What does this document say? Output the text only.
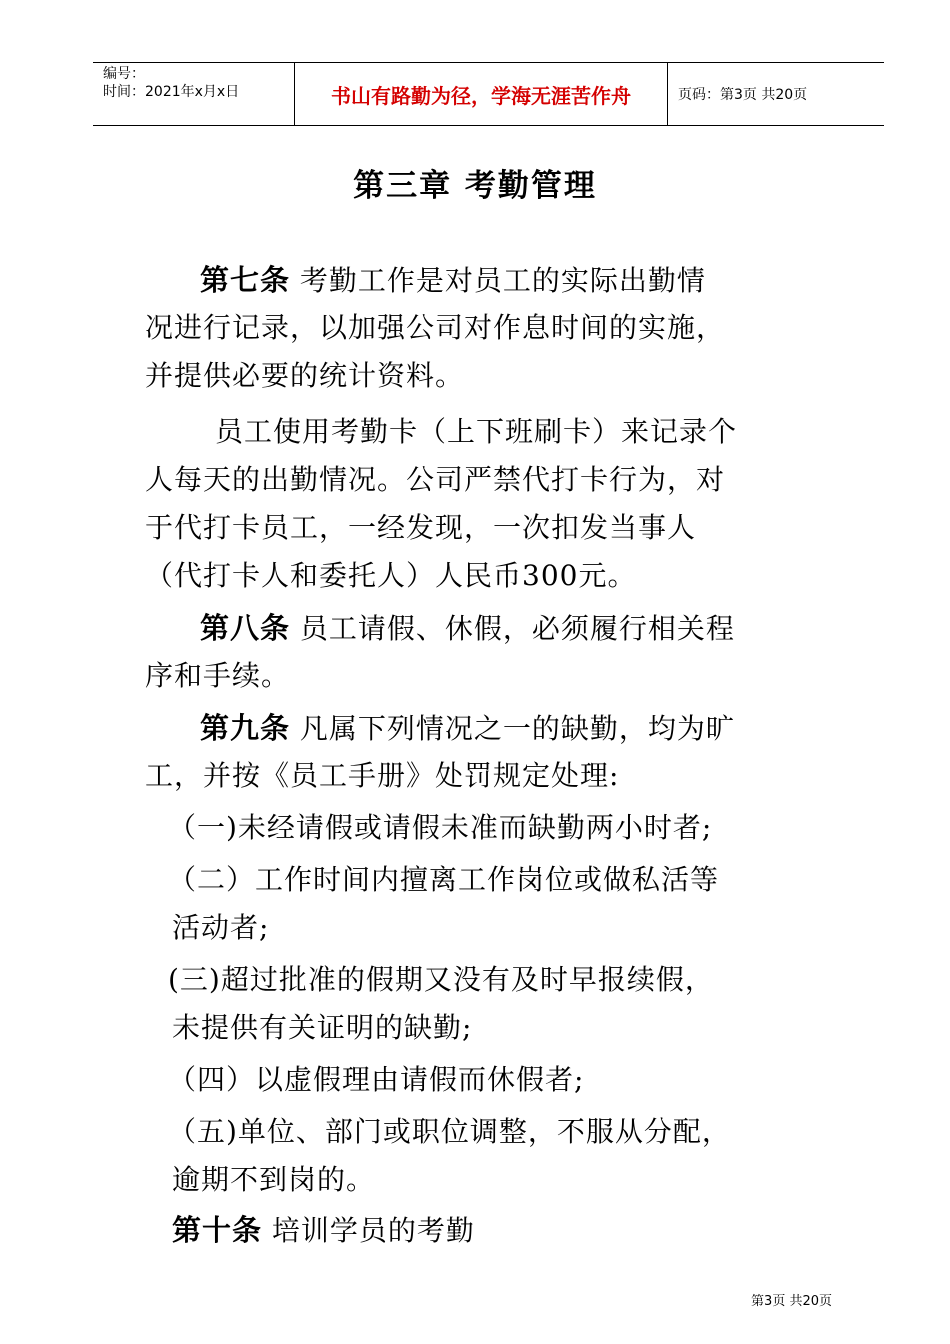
编号：
时间：2021年x月x日	书山有路勤为径，学海无涯苦作舟	页码：第3页 共20页
第三章 考勤管理
第七条 考勤工作是对员工的实际出勤情
况进行记录，以加强公司对作息时间的实施，
并提供必要的统计资料。
员工使用考勤卡（上下班刷卡）来记录个
人每天的出勤情况。公司严禁代打卡行为，对
于代打卡员工，一经发现，一次扣发当事人
（代打卡人和委托人）人民币300元。
第八条 员工请假、休假，必须履行相关程
序和手续。
第九条 凡属下列情况之一的缺勤，均为旷
工，并按《员工手册》处罚规定处理:
（一)未经请假或请假未准而缺勤两小时者;
（二）工作时间内擅离工作岗位或做私活等
活动者;
(三)超过批准的假期又没有及时早报续假，
未提供有关证明的缺勤;
（四）以虚假理由请假而休假者;
（五)单位、部门或职位调整，不服从分配，
逾期不到岗的。
第十条 培训学员的考勤
第3页 共20页
